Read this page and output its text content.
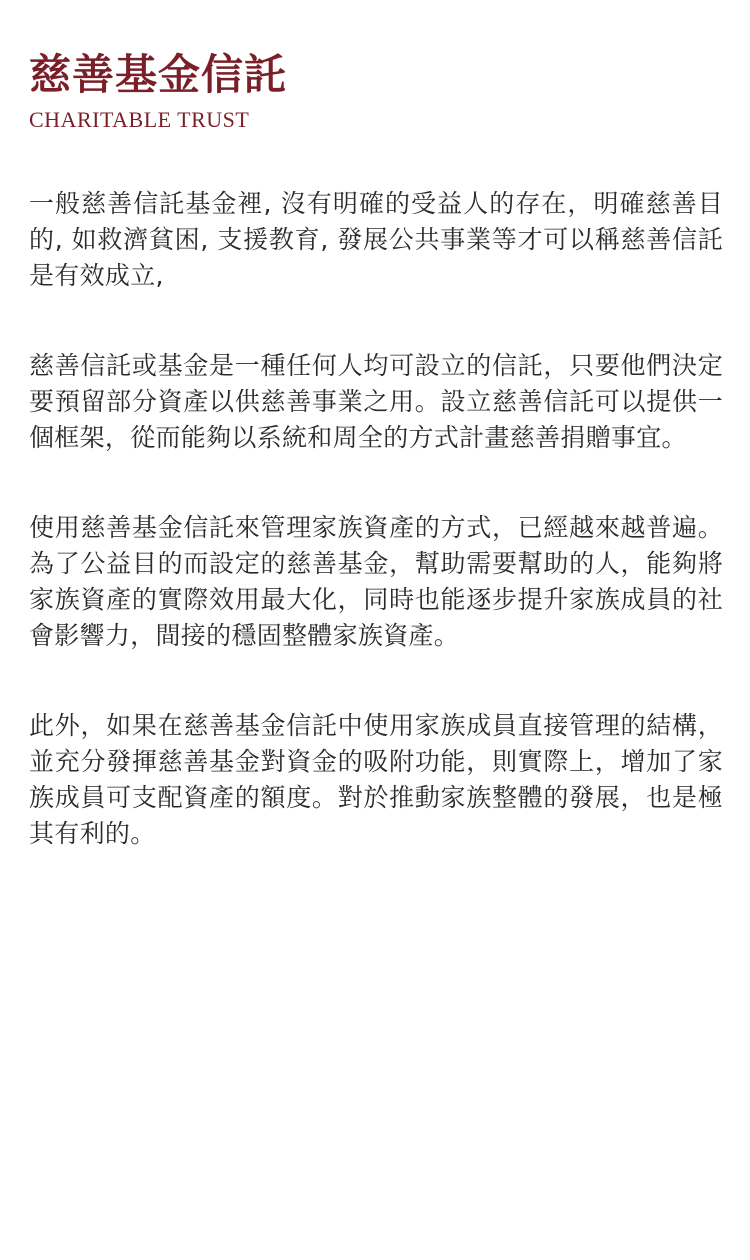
慈善基金信託
CHARITABLE TRUST

一般慈善信託基金裡, 沒有明確的受益人的存在，明確慈善目的, 如救濟貧困, 支援教育, 發展公共事業等才可以稱慈善信託是有效成立,

慈善信託或基金是一種任何人均可設立的信託，只要他們決定要預留部分資產以供慈善事業之用。設立慈善信託可以提供一個框架，從而能夠以系統和周全的方式計畫慈善捐贈事宜。

使用慈善基金信託來管理家族資產的方式，已經越來越普遍。為了公益目的而設定的慈善基金，幫助需要幫助的人，能夠將家族資產的實際效用最大化，同時也能逐步提升家族成員的社會影響力，間接的穩固整體家族資產。

此外，如果在慈善基金信託中使用家族成員直接管理的結構，並充分發揮慈善基金對資金的吸附功能，則實際上，增加了家族成員可支配資產的額度。對於推動家族整體的發展，也是極其有利的。
